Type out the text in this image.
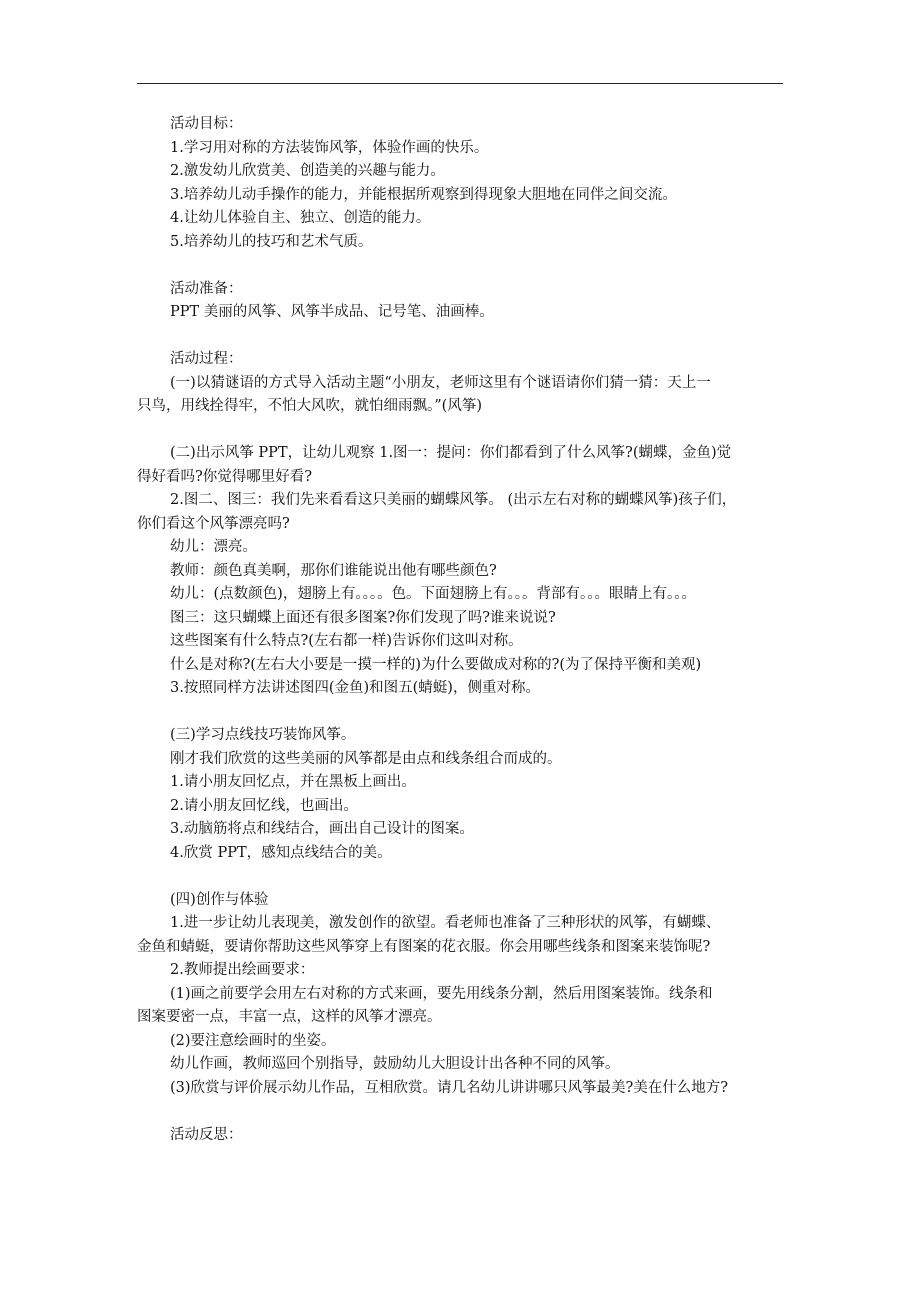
活动目标：
1.学习用对称的方法装饰风筝，体验作画的快乐。
2.激发幼儿欣赏美、创造美的兴趣与能力。
3.培养幼儿动手操作的能力，并能根据所观察到得现象大胆地在同伴之间交流。
4.让幼儿体验自主、独立、创造的能力。
5.培养幼儿的技巧和艺术气质。
活动准备：
PPT 美丽的风筝、风筝半成品、记号笔、油画棒。
活动过程：
(一)以猜谜语的方式导入活动主题“小朋友，老师这里有个谜语请你们猜一猜：天上一
只鸟，用线拴得牢，不怕大风吹，就怕细雨飘。”(风筝)
(二)出示风筝 PPT，让幼儿观察 1.图一：提问：你们都看到了什么风筝?(蝴蝶，金鱼)觉
得好看吗?你觉得哪里好看?
2.图二、图三：我们先来看看这只美丽的蝴蝶风筝。 (出示左右对称的蝴蝶风筝)孩子们，
你们看这个风筝漂亮吗?
幼儿：漂亮。
教师：颜色真美啊，那你们谁能说出他有哪些颜色?
幼儿：(点数颜色)，翅膀上有。。。。色。下面翅膀上有。。。背部有。。。眼睛上有。。。
图三：这只蝴蝶上面还有很多图案?你们发现了吗?谁来说说?
这些图案有什么特点?(左右都一样)告诉你们这叫对称。
什么是对称?(左右大小要是一摸一样的)为什么要做成对称的?(为了保持平衡和美观)
3.按照同样方法讲述图四(金鱼)和图五(蜻蜓)，侧重对称。
(三)学习点线技巧装饰风筝。
刚才我们欣赏的这些美丽的风筝都是由点和线条组合而成的。
1.请小朋友回忆点，并在黑板上画出。
2.请小朋友回忆线，也画出。
3.动脑筋将点和线结合，画出自己设计的图案。
4.欣赏 PPT，感知点线结合的美。
(四)创作与体验
1.进一步让幼儿表现美，激发创作的欲望。看老师也准备了三种形状的风筝，有蝴蝶、
金鱼和蜻蜓，要请你帮助这些风筝穿上有图案的花衣服。你会用哪些线条和图案来装饰呢?
2.教师提出绘画要求：
(1)画之前要学会用左右对称的方式来画，要先用线条分割，然后用图案装饰。线条和
图案要密一点，丰富一点，这样的风筝才漂亮。
(2)要注意绘画时的坐姿。
幼儿作画，教师巡回个别指导，鼓励幼儿大胆设计出各种不同的风筝。
(3)欣赏与评价展示幼儿作品，互相欣赏。请几名幼儿讲讲哪只风筝最美?美在什么地方?
活动反思：
